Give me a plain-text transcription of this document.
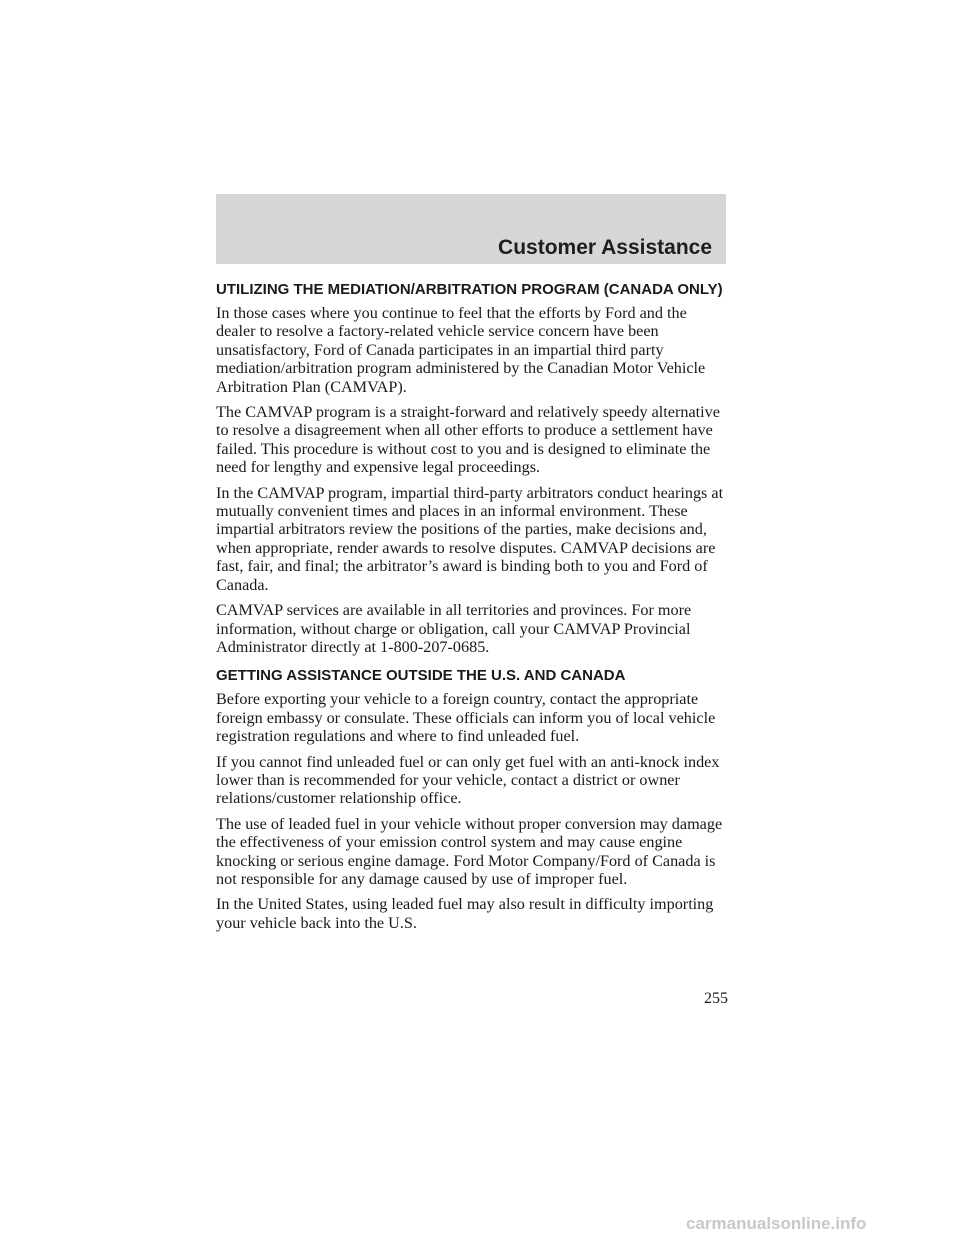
Customer Assistance
UTILIZING THE MEDIATION/ARBITRATION PROGRAM (CANADA ONLY)

In those cases where you continue to feel that the efforts by Ford and the dealer to resolve a factory-related vehicle service concern have been unsatisfactory, Ford of Canada participates in an impartial third party mediation/arbitration program administered by the Canadian Motor Vehicle Arbitration Plan (CAMVAP).

The CAMVAP program is a straight-forward and relatively speedy alternative to resolve a disagreement when all other efforts to produce a settlement have failed. This procedure is without cost to you and is designed to eliminate the need for lengthy and expensive legal proceedings.

In the CAMVAP program, impartial third-party arbitrators conduct hearings at mutually convenient times and places in an informal environment. These impartial arbitrators review the positions of the parties, make decisions and, when appropriate, render awards to resolve disputes. CAMVAP decisions are fast, fair, and final; the arbitrator’s award is binding both to you and Ford of Canada.

CAMVAP services are available in all territories and provinces. For more information, without charge or obligation, call your CAMVAP Provincial Administrator directly at 1-800-207-0685.

GETTING ASSISTANCE OUTSIDE THE U.S. AND CANADA

Before exporting your vehicle to a foreign country, contact the appropriate foreign embassy or consulate. These officials can inform you of local vehicle registration regulations and where to find unleaded fuel.

If you cannot find unleaded fuel or can only get fuel with an anti-knock index lower than is recommended for your vehicle, contact a district or owner relations/customer relationship office.

The use of leaded fuel in your vehicle without proper conversion may damage the effectiveness of your emission control system and may cause engine knocking or serious engine damage. Ford Motor Company/Ford of Canada is not responsible for any damage caused by use of improper fuel.

In the United States, using leaded fuel may also result in difficulty importing your vehicle back into the U.S.

255
carmanualsonline.info
